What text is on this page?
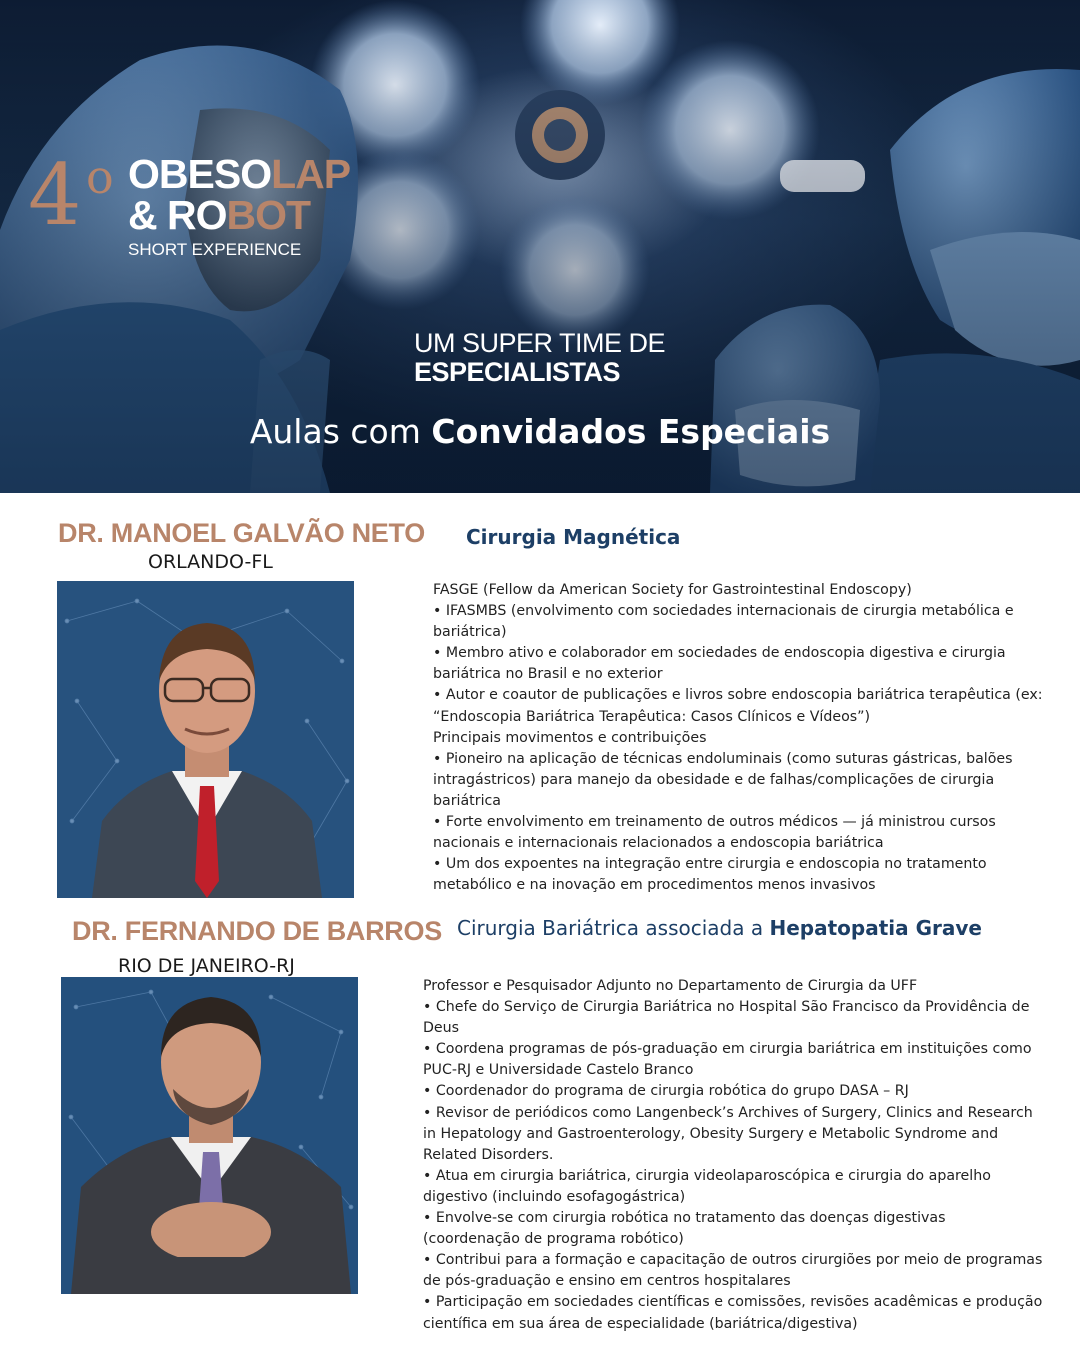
4 o OBESOLAP
& ROBOT
SHORT EXPERIENCE
UM SUPER TIME DE
ESPECIALISTAS
Aulas com Convidados Especiais
DR. MANOEL GALVÃO NETO
ORLANDO-FL
Cirurgia Magnética
FASGE (Fellow da American Society for Gastrointestinal Endoscopy)
• IFASMBS (envolvimento com sociedades internacionais de cirurgia metabólica e bariátrica)
• Membro ativo e colaborador em sociedades de endoscopia digestiva e cirurgia bariátrica no Brasil e no exterior
• Autor e coautor de publicações e livros sobre endoscopia bariátrica terapêutica (ex: “Endoscopia Bariátrica Terapêutica: Casos Clínicos e Vídeos”)
Principais movimentos e contribuições
• Pioneiro na aplicação de técnicas endoluminais (como suturas gástricas, balões intragástricos) para manejo da obesidade e de falhas/complicações de cirurgia bariátrica
• Forte envolvimento em treinamento de outros médicos — já ministrou cursos nacionais e internacionais relacionados a endoscopia bariátrica
• Um dos expoentes na integração entre cirurgia e endoscopia no tratamento metabólico e na inovação em procedimentos menos invasivos
DR. FERNANDO DE BARROS
RIO DE JANEIRO-RJ
Cirurgia Bariátrica associada a Hepatopatia Grave
Professor e Pesquisador Adjunto no Departamento de Cirurgia da UFF
• Chefe do Serviço de Cirurgia Bariátrica no Hospital São Francisco da Providência de Deus
• Coordena programas de pós-graduação em cirurgia bariátrica em instituições como PUC-RJ e Universidade Castelo Branco
• Coordenador do programa de cirurgia robótica do grupo DASA – RJ
• Revisor de periódicos como Langenbeck’s Archives of Surgery, Clinics and Research in Hepatology and Gastroenterology, Obesity Surgery e Metabolic Syndrome and Related Disorders.
• Atua em cirurgia bariátrica, cirurgia videolaparoscópica e cirurgia do aparelho digestivo (incluindo esofagogástrica)
• Envolve-se com cirurgia robótica no tratamento das doenças digestivas (coordenação de programa robótico)
• Contribui para a formação e capacitação de outros cirurgiões por meio de programas de pós-graduação e ensino em centros hospitalares
• Participação em sociedades científicas e comissões, revisões acadêmicas e produção científica em sua área de especialidade (bariátrica/digestiva)
